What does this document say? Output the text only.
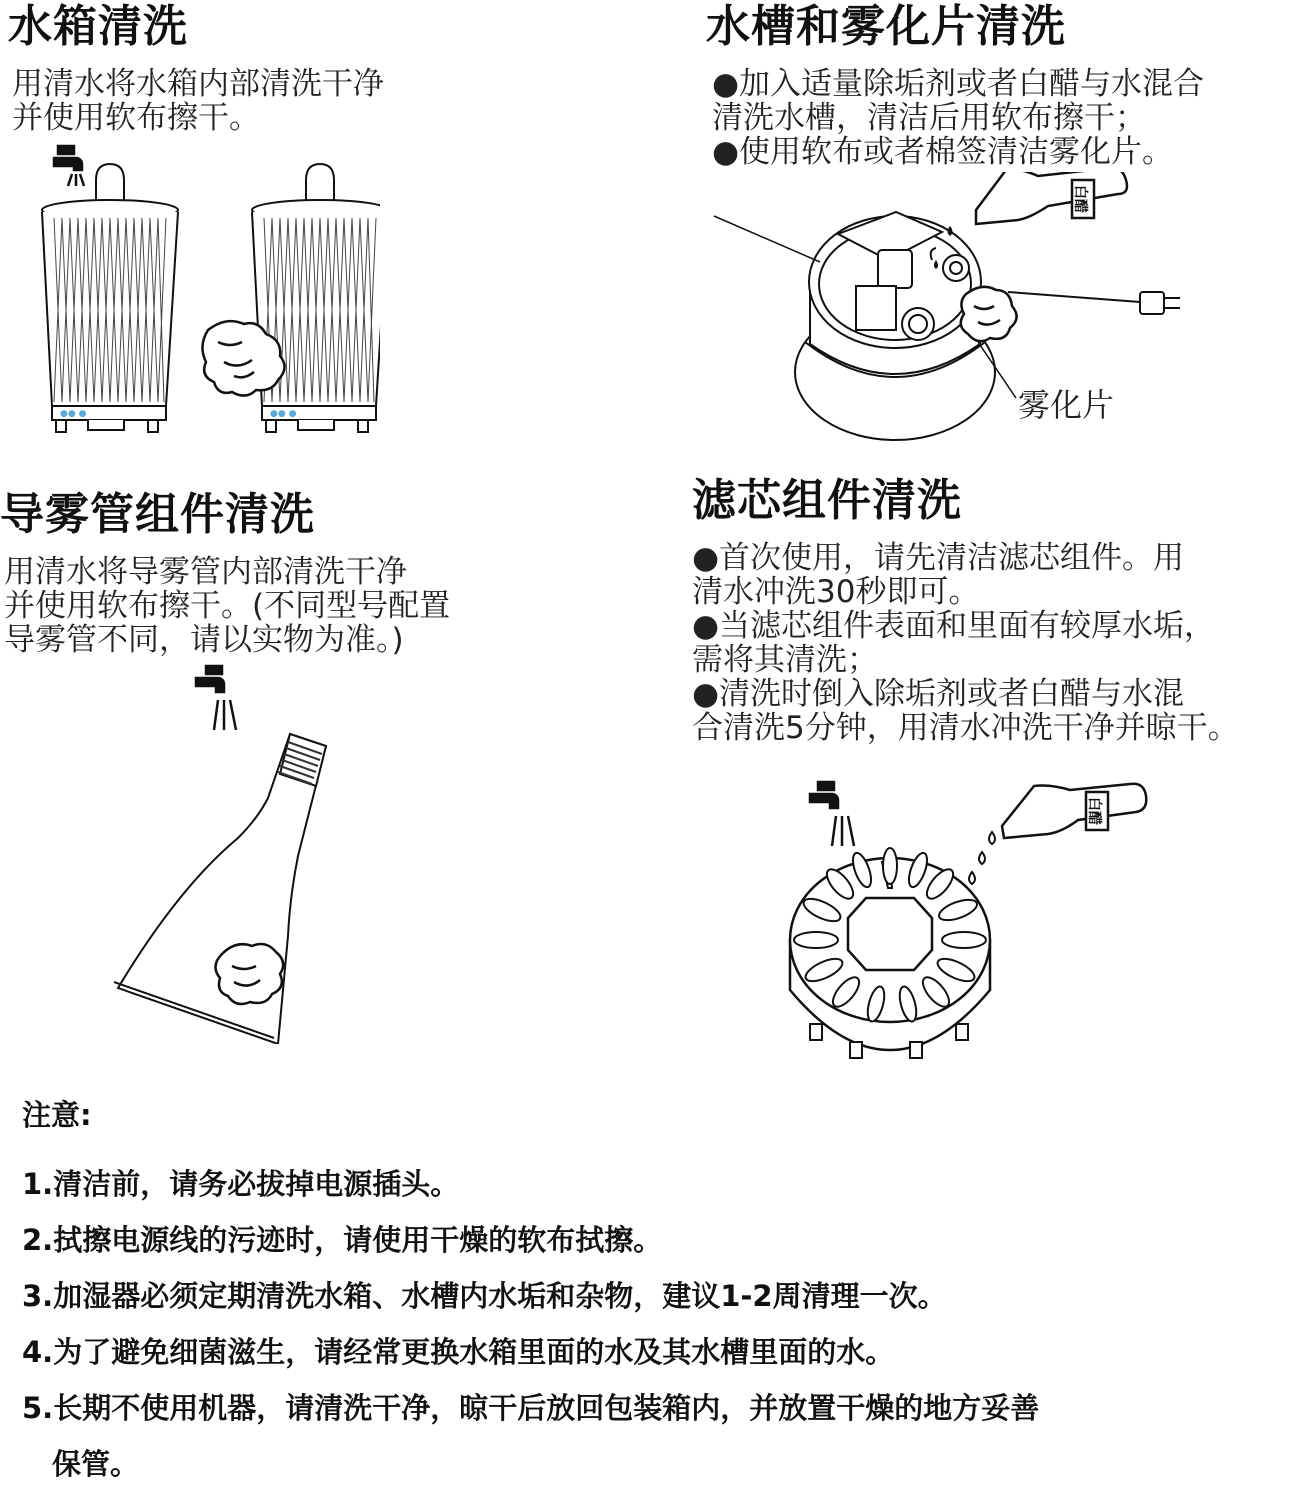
水箱清洗

用清水将水箱内部清洗干净

并使用软布擦干。

●● ●	●● ●
水槽和雾化片清洗

●加入适量除垢剂或者白醋与水混合

清洗水槽，清洁后用软布擦干；

●使用软布或者棉签清洁雾化片。

白醋

雾化片

导雾管组件清洗

用清水将导雾管内部清洗干净

并使用软布擦干。(不同型号配置

导雾管不同，请以实物为准。)

滤芯组件清洗

●首次使用，请先清洁滤芯组件。用

清水冲洗30秒即可。

●当滤芯组件表面和里面有较厚水垢，

需将其清洗；

●清洗时倒入除垢剂或者白醋与水混

合清洗5分钟，用清水冲洗干净并晾干。

白醋

注意:

1.清洁前，请务必拔掉电源插头。

2.拭擦电源线的污迹时，请使用干燥的软布拭擦。

3.加湿器必须定期清洗水箱、水槽内水垢和杂物，建议1-2周清理一次。

4.为了避免细菌滋生，请经常更换水箱里面的水及其水槽里面的水。

5.长期不使用机器，请清洗干净，晾干后放回包装箱内，并放置干燥的地方妥善

保管。
